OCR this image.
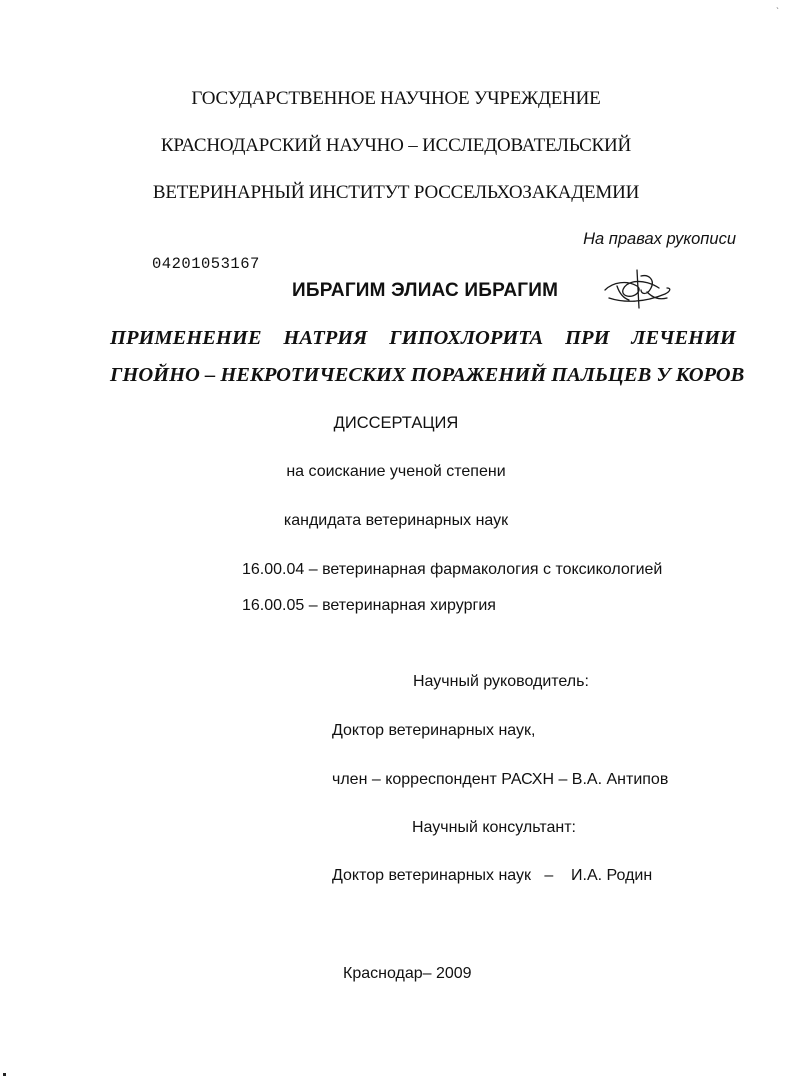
`
ГОСУДАРСТВЕННОЕ НАУЧНОЕ УЧРЕЖДЕНИЕ
КРАСНОДАРСКИЙ НАУЧНО – ИССЛЕДОВАТЕЛЬСКИЙ
ВЕТЕРИНАРНЫЙ ИНСТИТУТ РОССЕЛЬХОЗАКАДЕМИИ
На правах рукописи
04201053167
ИБРАГИМ ЭЛИАС ИБРАГИМ
ПРИМЕНЕНИЕ НАТРИЯ ГИПОХЛОРИТА ПРИ ЛЕЧЕНИИ
ГНОЙНО – НЕКРОТИЧЕСКИХ ПОРАЖЕНИЙ ПАЛЬЦЕВ У КОРОВ
ДИССЕРТАЦИЯ
на соискание ученой степени
кандидата ветеринарных наук
16.00.04 – ветеринарная фармакология с токсикологией
16.00.05 – ветеринарная хирургия
Научный руководитель:
Доктор ветеринарных наук,
член – корреспондент РАСХН – В.А. Антипов
Научный консультант:
Доктор ветеринарных наук   –    И.А. Родин
Краснодар– 2009
